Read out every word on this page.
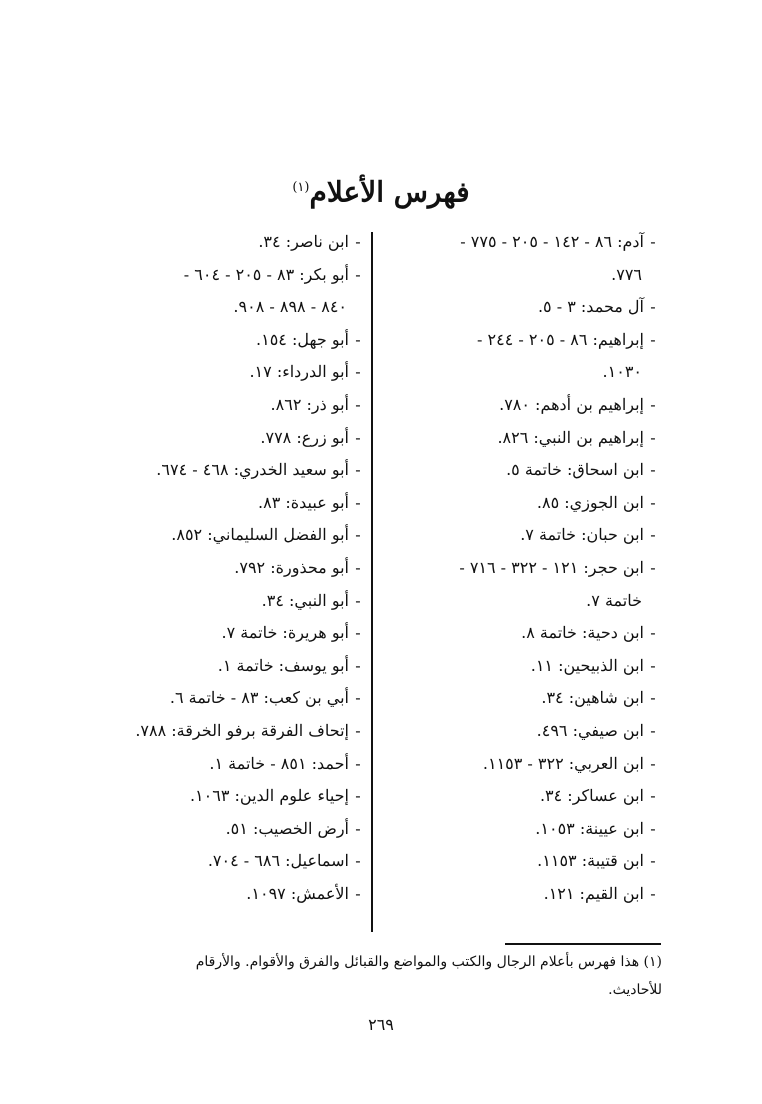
فهرس الأعلام$^{(١)}$
-آدم: ٨٦ - ١٤٢ - ٢٠٥ - ٧٧٥ -
٧٧٦.
-آل محمد: ٣ - ٥.
-إبراهيم: ٨٦ - ٢٠٥ - ٢٤٤ -
١٠٣٠.
-إبراهيم بن أدهم: ٧٨٠.
-إبراهيم بن النبي: ٨٢٦.
-ابن اسحاق: خاتمة ٥.
-ابن الجوزي: ٨٥.
-ابن حبان: خاتمة ٧.
-ابن حجر: ١٢١ - ٣٢٢ - ٧١٦ -
خاتمة ٧.
-ابن دحية: خاتمة ٨.
-ابن الذبيحين: ١١.
-ابن شاهين: ٣٤.
-ابن صيفي: ٤٩٦.
-ابن العربي: ٣٢٢ - ١١٥٣.
-ابن عساكر: ٣٤.
-ابن عيينة: ١٠٥٣.
-ابن قتيبة: ١١٥٣.
-ابن القيم: ١٢١.
-ابن ناصر: ٣٤.
-أبو بكر: ٨٣ - ٢٠٥ - ٦٠٤ -
٨٤٠ - ٨٩٨ - ٩٠٨.
-أبو جهل: ١٥٤.
-أبو الدرداء: ١٧.
-أبو ذر: ٨٦٢.
-أبو زرع: ٧٧٨.
-أبو سعيد الخدري: ٤٦٨ - ٦٧٤.
-أبو عبيدة: ٨٣.
-أبو الفضل السليماني: ٨٥٢.
-أبو محذورة: ٧٩٢.
-أبو النبي: ٣٤.
-أبو هريرة: خاتمة ٧.
-أبو يوسف: خاتمة ١.
-أبي بن كعب: ٨٣ - خاتمة ٦.
-إتحاف الفرقة برفو الخرقة: ٧٨٨.
-أحمد: ٨٥١ - خاتمة ١.
-إحياء علوم الدين: ١٠٦٣.
-أرض الخصيب: ٥١.
-اسماعيل: ٦٨٦ - ٧٠٤.
-الأعمش: ١٠٩٧.

(١) هذا فهرس بأعلام الرجال والكتب والمواضع والقبائل والفرق والأقوام. والأرقام

للأحاديث.

٢٦٩
